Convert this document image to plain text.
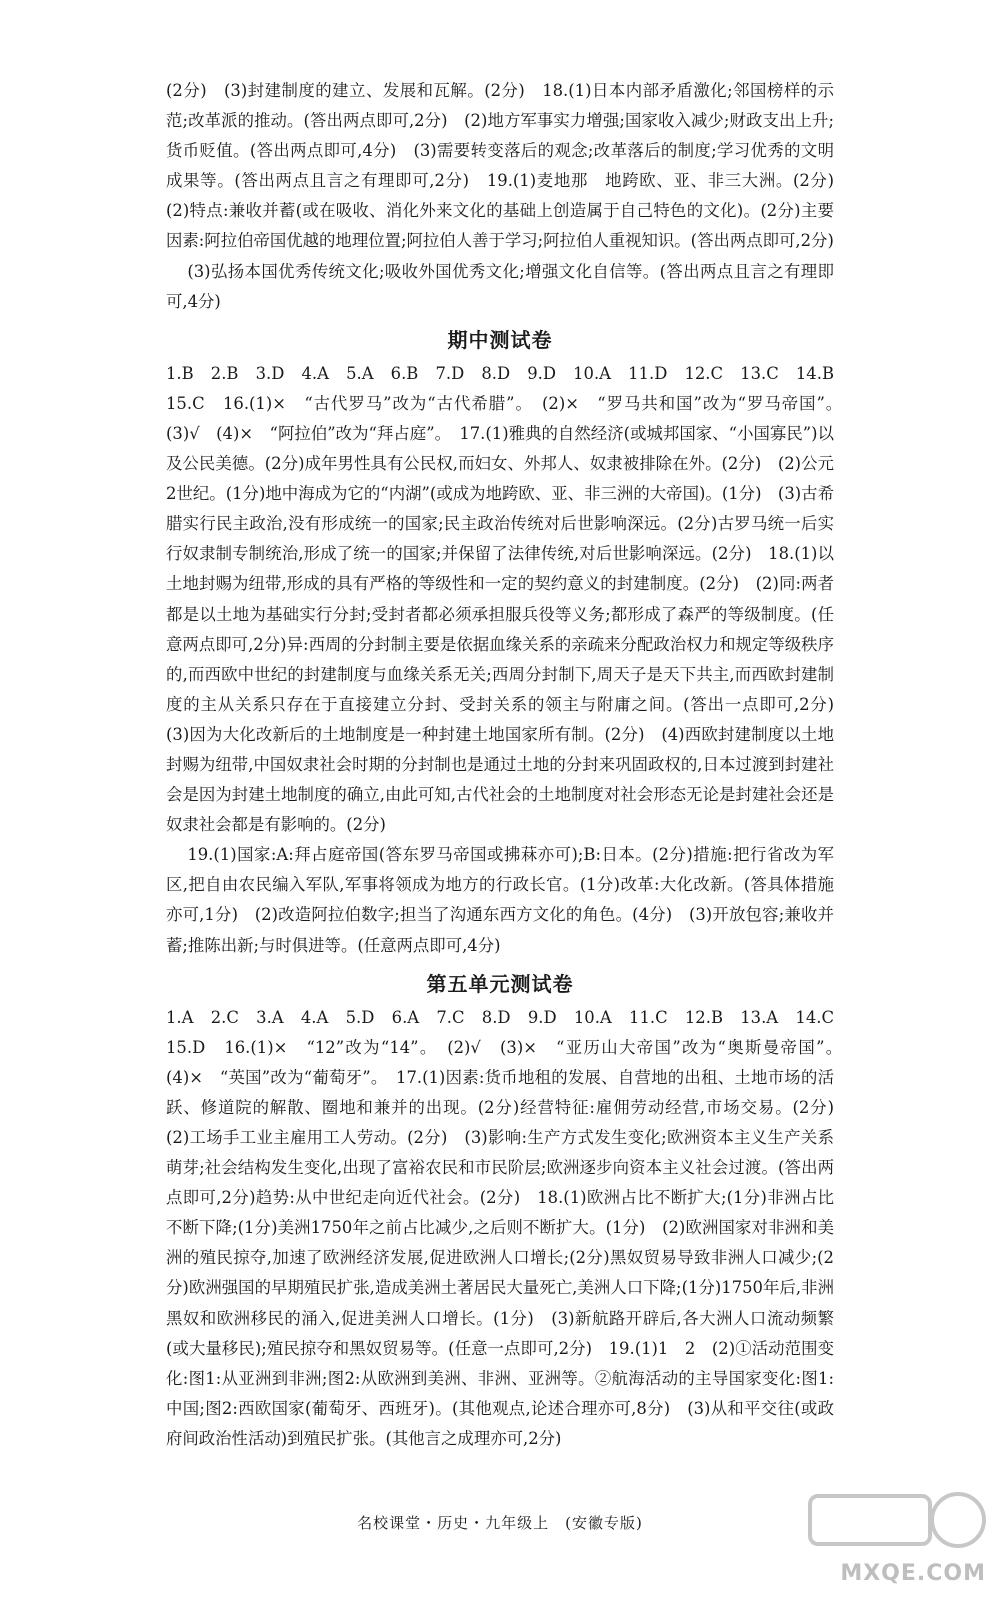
(2分)　(3)封建制度的建立、发展和瓦解。(2分)　18.(1)日本内部矛盾激化;邻国榜样的示范;改革派的推动。(答出两点即可,2分)　(2)地方军事实力增强;国家收入减少;财政支出上升;货币贬值。(答出两点即可,4分)　(3)需要转变落后的观念;改革落后的制度;学习优秀的文明成果等。(答出两点且言之有理即可,2分)　19.(1)麦地那　地跨欧、亚、非三大洲。(2分)　(2)特点:兼收并蓄(或在吸收、消化外来文化的基础上创造属于自己特色的文化)。(2分)主要因素:阿拉伯帝国优越的地理位置;阿拉伯人善于学习;阿拉伯人重视知识。(答出两点即可,2分)

(3)弘扬本国优秀传统文化;吸收外国优秀文化;增强文化自信等。(答出两点且言之有理即可,4分)

期中测试卷

1.B　2.B　3.D　4.A　5.A　6.B　7.D　8.D　9.D　10.A　11.D　12.C　13.C　14.B　15.C　16.(1)×　“古代罗马”改为“古代希腊”。　(2)×　“罗马共和国”改为“罗马帝国”。　(3)√　(4)×　“阿拉伯”改为“拜占庭”。　17.(1)雅典的自然经济(或城邦国家、“小国寡民”)以及公民美德。(2分)成年男性具有公民权,而妇女、外邦人、奴隶被排除在外。(2分)　(2)公元2世纪。(1分)地中海成为它的“内湖”(或成为地跨欧、亚、非三洲的大帝国)。(1分)　(3)古希腊实行民主政治,没有形成统一的国家;民主政治传统对后世影响深远。(2分)古罗马统一后实行奴隶制专制统治,形成了统一的国家;并保留了法律传统,对后世影响深远。(2分)　18.(1)以土地封赐为纽带,形成的具有严格的等级性和一定的契约意义的封建制度。(2分)　(2)同:两者都是以土地为基础实行分封;受封者都必须承担服兵役等义务;都形成了森严的等级制度。(任意两点即可,2分)异:西周的分封制主要是依据血缘关系的亲疏来分配政治权力和规定等级秩序的,而西欧中世纪的封建制度与血缘关系无关;西周分封制下,周天子是天下共主,而西欧封建制度的主从关系只存在于直接建立分封、受封关系的领主与附庸之间。(答出一点即可,2分)　(3)因为大化改新后的土地制度是一种封建土地国家所有制。(2分)　(4)西欧封建制度以土地封赐为纽带,中国奴隶社会时期的分封制也是通过土地的分封来巩固政权的,日本过渡到封建社会是因为封建土地制度的确立,由此可知,古代社会的土地制度对社会形态无论是封建社会还是奴隶社会都是有影响的。(2分)

19.(1)国家:A:拜占庭帝国(答东罗马帝国或拂菻亦可);B:日本。(2分)措施:把行省改为军区,把自由农民编入军队,军事将领成为地方的行政长官。(1分)改革:大化改新。(答具体措施亦可,1分)　(2)改造阿拉伯数字;担当了沟通东西方文化的角色。(4分)　(3)开放包容;兼收并蓄;推陈出新;与时俱进等。(任意两点即可,4分)

第五单元测试卷

1.A　2.C　3.A　4.A　5.D　6.A　7.C　8.D　9.D　10.A　11.C　12.B　13.A　14.C　15.D　16.(1)×　“12”改为“14”。　(2)√　(3)×　“亚历山大帝国”改为“奥斯曼帝国”。　(4)×　“英国”改为“葡萄牙”。　17.(1)因素:货币地租的发展、自营地的出租、土地市场的活跃、修道院的解散、圈地和兼并的出现。(2分)经营特征:雇佣劳动经营,市场交易。(2分)　(2)工场手工业主雇用工人劳动。(2分)　(3)影响:生产方式发生变化;欧洲资本主义生产关系萌芽;社会结构发生变化,出现了富裕农民和市民阶层;欧洲逐步向资本主义社会过渡。(答出两点即可,2分)趋势:从中世纪走向近代社会。(2分)　18.(1)欧洲占比不断扩大;(1分)非洲占比不断下降;(1分)美洲1750年之前占比减少,之后则不断扩大。(1分)　(2)欧洲国家对非洲和美洲的殖民掠夺,加速了欧洲经济发展,促进欧洲人口增长;(2分)黑奴贸易导致非洲人口减少;(2分)欧洲强国的早期殖民扩张,造成美洲土著居民大量死亡,美洲人口下降;(1分)1750年后,非洲黑奴和欧洲移民的涌入,促进美洲人口增长。(1分)　(3)新航路开辟后,各大洲人口流动频繁(或大量移民);殖民掠夺和黑奴贸易等。(任意一点即可,2分)　19.(1)1　2　(2)①活动范围变化:图1:从亚洲到非洲;图2:从欧洲到美洲、非洲、亚洲等。②航海活动的主导国家变化:图1:中国;图2:西欧国家(葡萄牙、西班牙)。(其他观点,论述合理亦可,8分)　(3)从和平交往(或政府间政治性活动)到殖民扩张。(其他言之成理亦可,2分)

名校课堂・历史・九年级上 (安徽专版)
MXQE.COM
